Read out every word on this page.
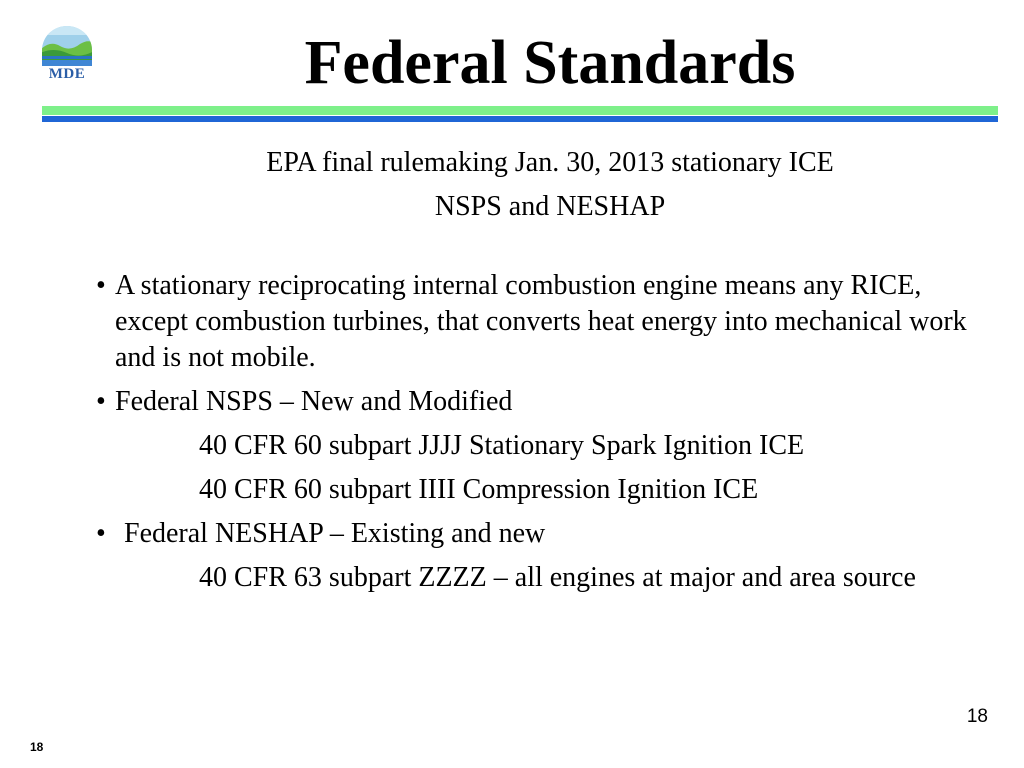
MDE	Federal Standards
EPA final rulemaking Jan. 30, 2013 stationary ICE
NSPS and NESHAP
• A stationary reciprocating internal combustion engine means any RICE, except combustion turbines, that converts heat energy into mechanical work and is not mobile.
• Federal NSPS – New and Modified
40 CFR 60 subpart JJJJ Stationary Spark Ignition ICE
40 CFR 60 subpart IIII Compression Ignition ICE
• Federal NESHAP – Existing and new
40 CFR 63 subpart ZZZZ – all engines at major and area source
18
18
